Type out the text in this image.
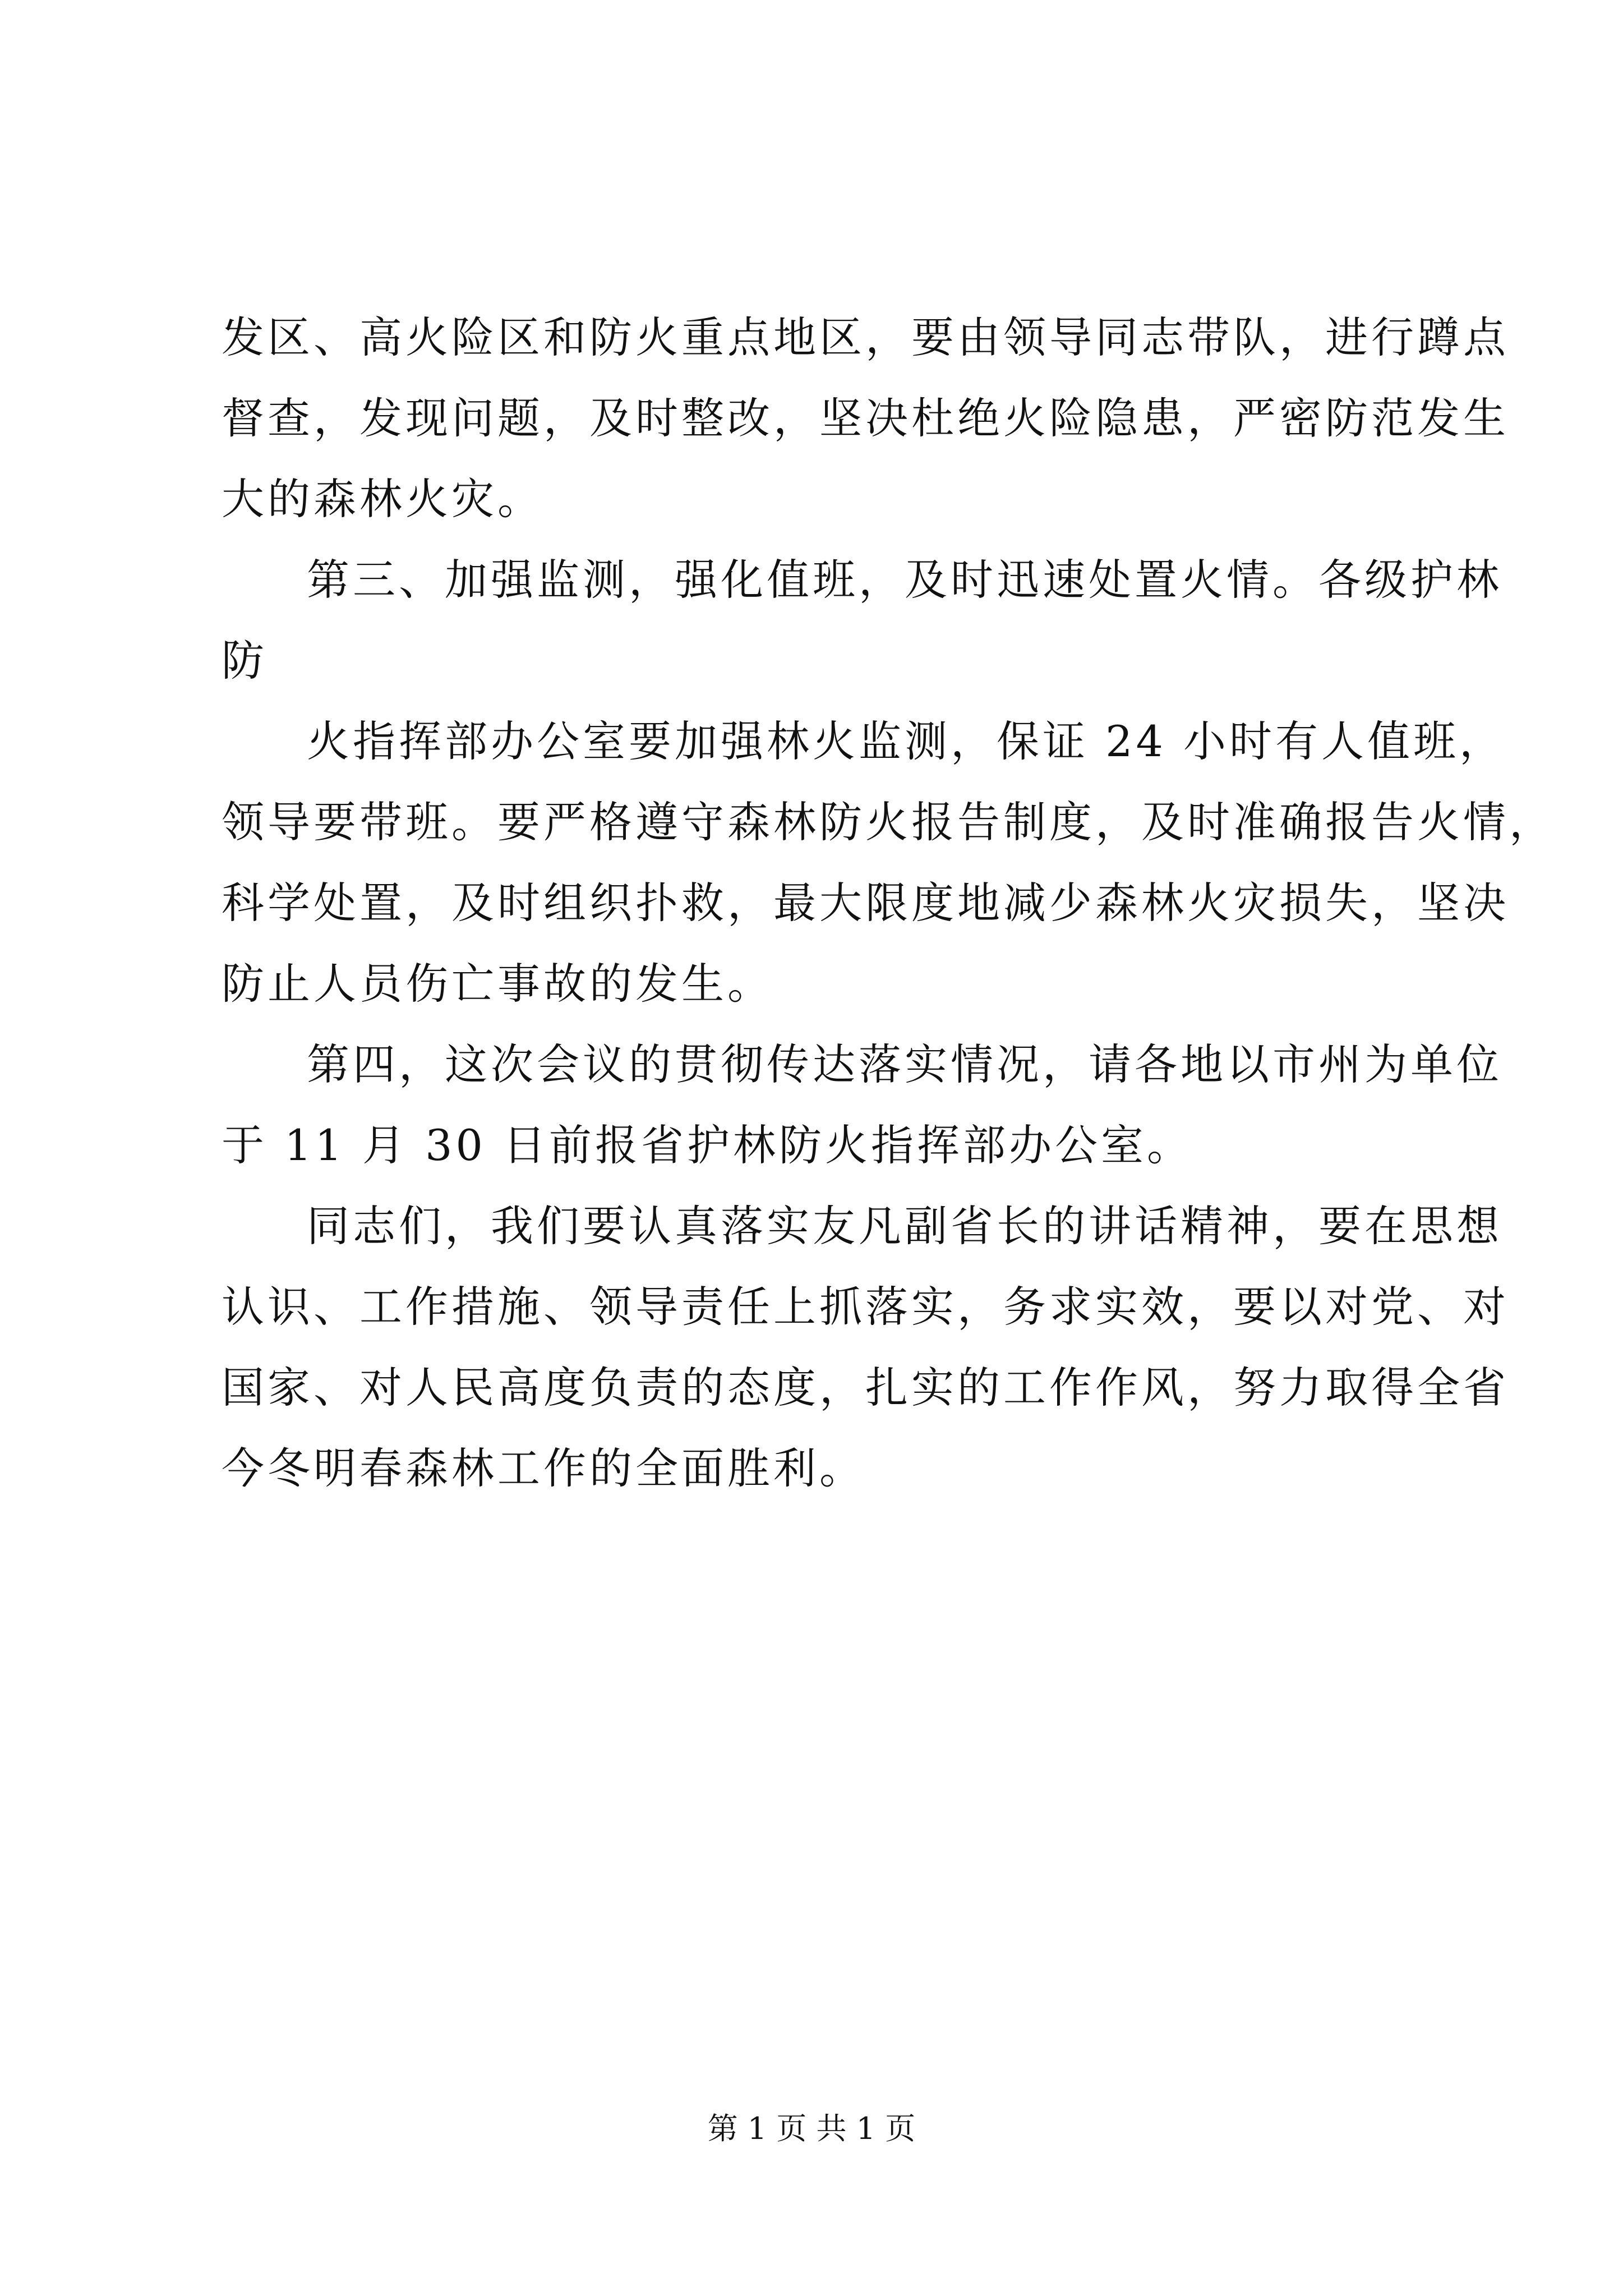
发区、高火险区和防火重点地区，要由领导同志带队，进行蹲点
督查，发现问题，及时整改，坚决杜绝火险隐患，严密防范发生
大的森林火灾。
第三、加强监测，强化值班，及时迅速处置火情。各级护林
防
火指挥部办公室要加强林火监测，保证 24 小时有人值班，
领导要带班。要严格遵守森林防火报告制度，及时准确报告火情，
科学处置，及时组织扑救，最大限度地减少森林火灾损失，坚决
防止人员伤亡事故的发生。
第四，这次会议的贯彻传达落实情况，请各地以市州为单位
于 11 月 30 日前报省护林防火指挥部办公室。
同志们，我们要认真落实友凡副省长的讲话精神，要在思想
认识、工作措施、领导责任上抓落实，务求实效，要以对党、对
国家、对人民高度负责的态度，扎实的工作作风，努力取得全省
今冬明春森林工作的全面胜利。
第 1 页 共 1 页
